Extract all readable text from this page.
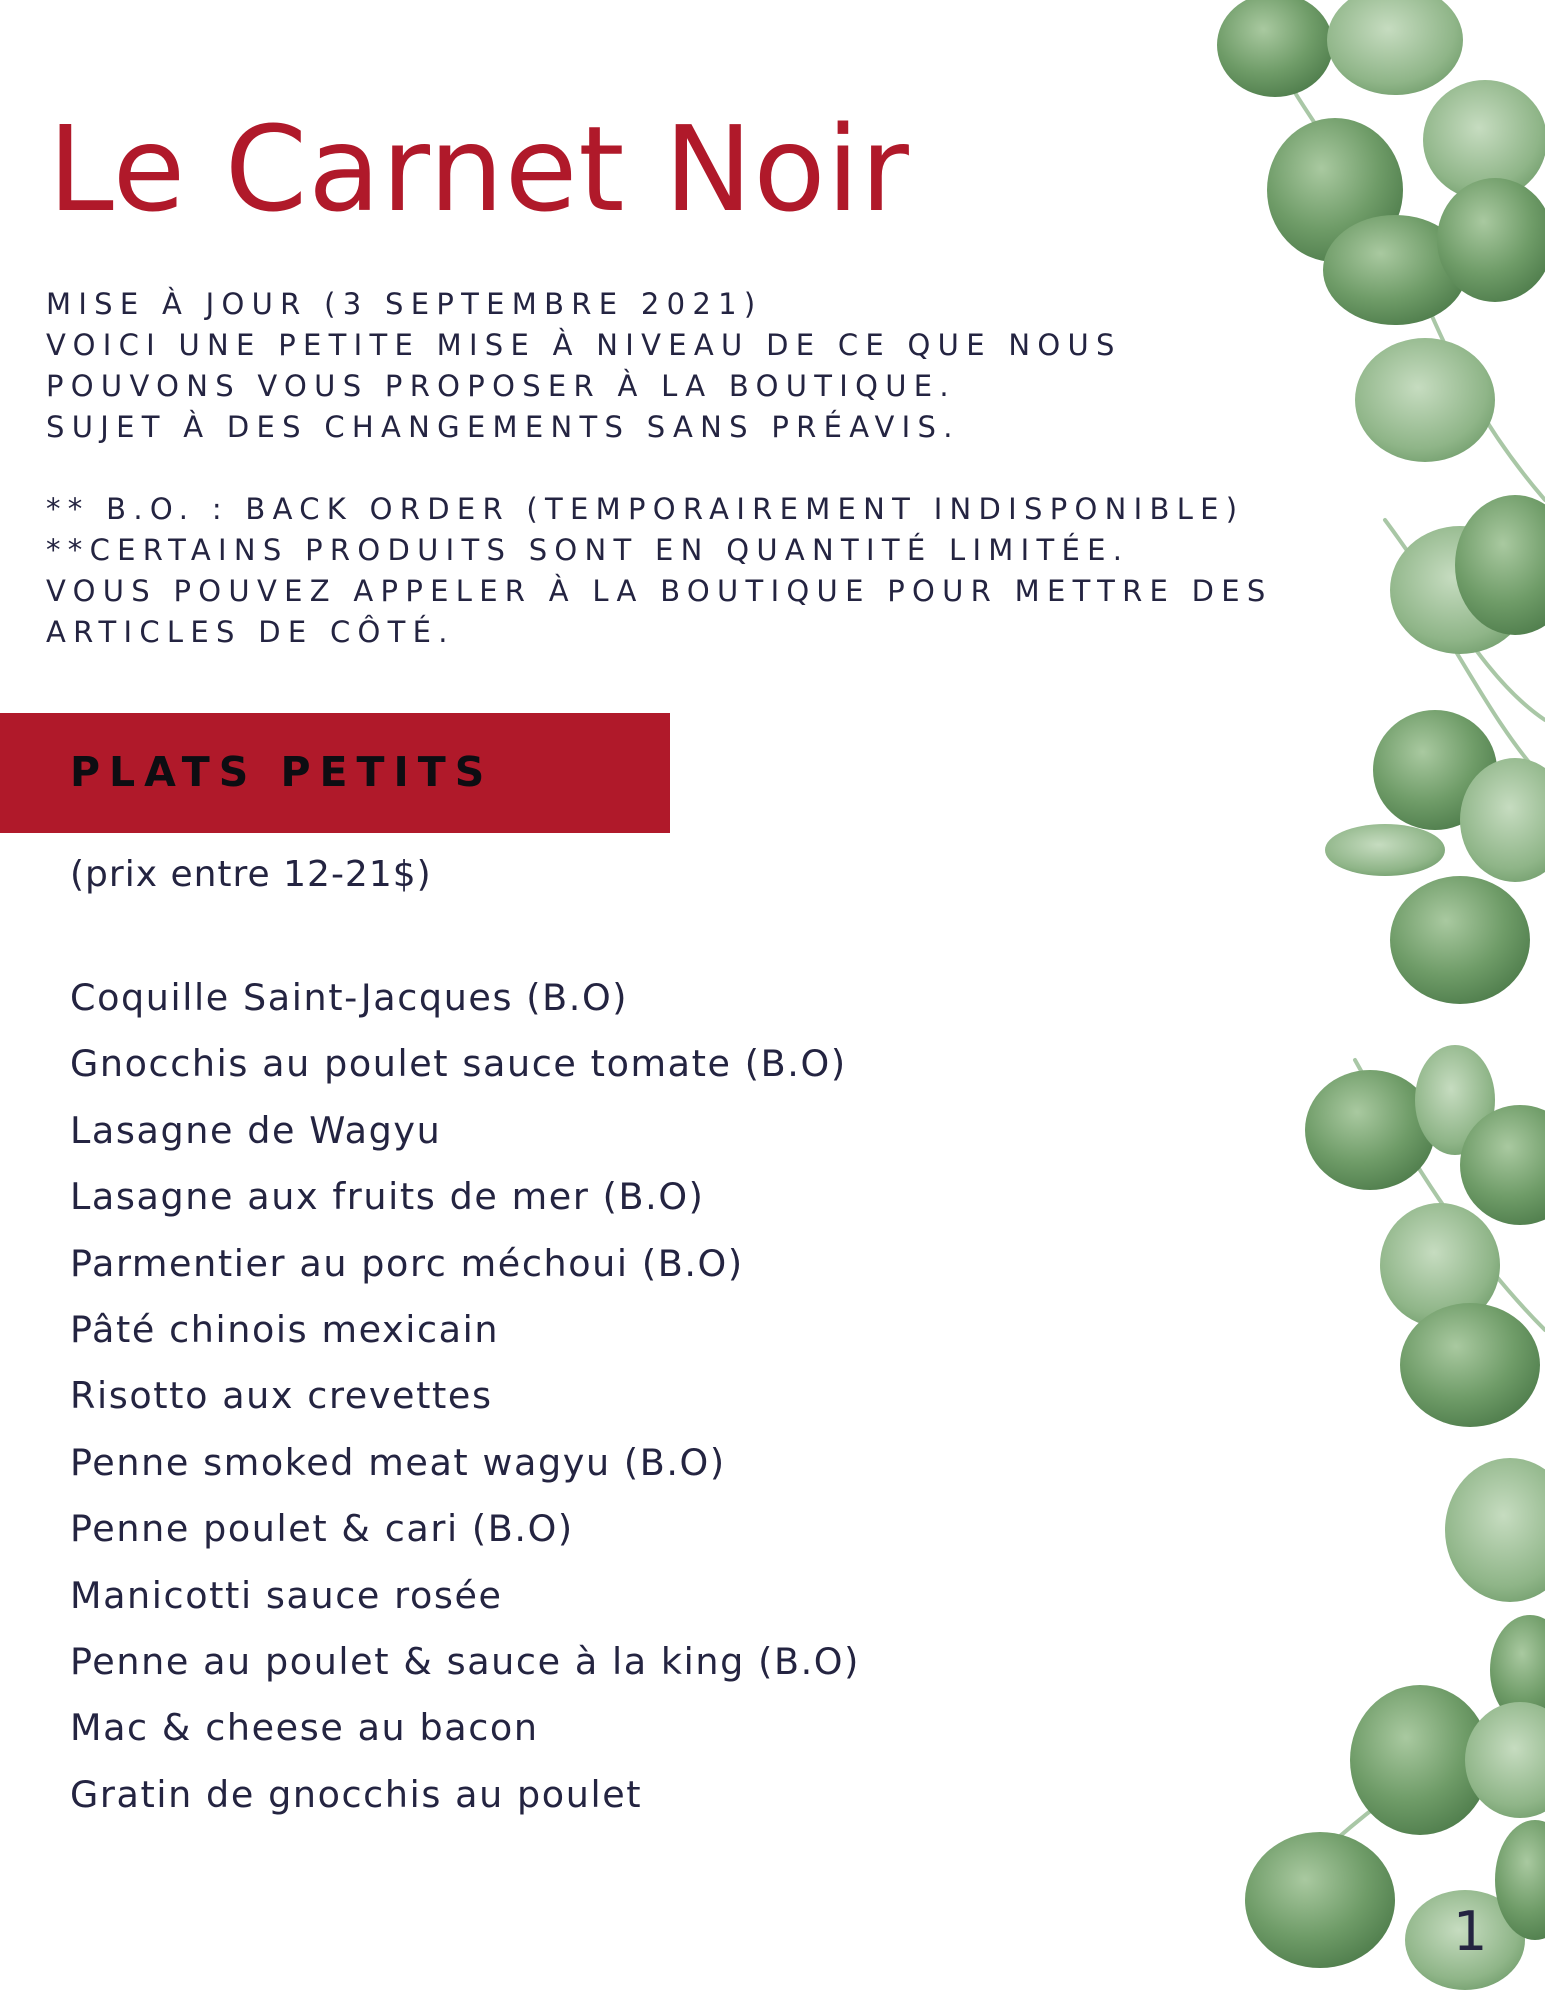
Le Carnet Noir
MISE À JOUR (3 SEPTEMBRE 2021)
VOICI UNE PETITE MISE À NIVEAU DE CE QUE NOUS
POUVONS VOUS PROPOSER À LA BOUTIQUE.
SUJET À DES CHANGEMENTS SANS PRÉAVIS.
** B.O. : BACK ORDER (TEMPORAIREMENT INDISPONIBLE)
**CERTAINS PRODUITS SONT EN QUANTITÉ LIMITÉE.
VOUS POUVEZ APPELER À LA BOUTIQUE POUR METTRE DES
ARTICLES DE CÔTÉ.
PLATS PETITS
(prix entre 12-21$)
Coquille Saint-Jacques (B.O)
Gnocchis au poulet sauce tomate (B.O)
Lasagne de Wagyu
Lasagne aux fruits de mer (B.O)
Parmentier au porc méchoui (B.O)
Pâté chinois mexicain
Risotto aux crevettes
Penne smoked meat wagyu (B.O)
Penne poulet & cari (B.O)
Manicotti sauce rosée
Penne au poulet & sauce à la king (B.O)
Mac & cheese au bacon
Gratin de gnocchis au poulet
1
